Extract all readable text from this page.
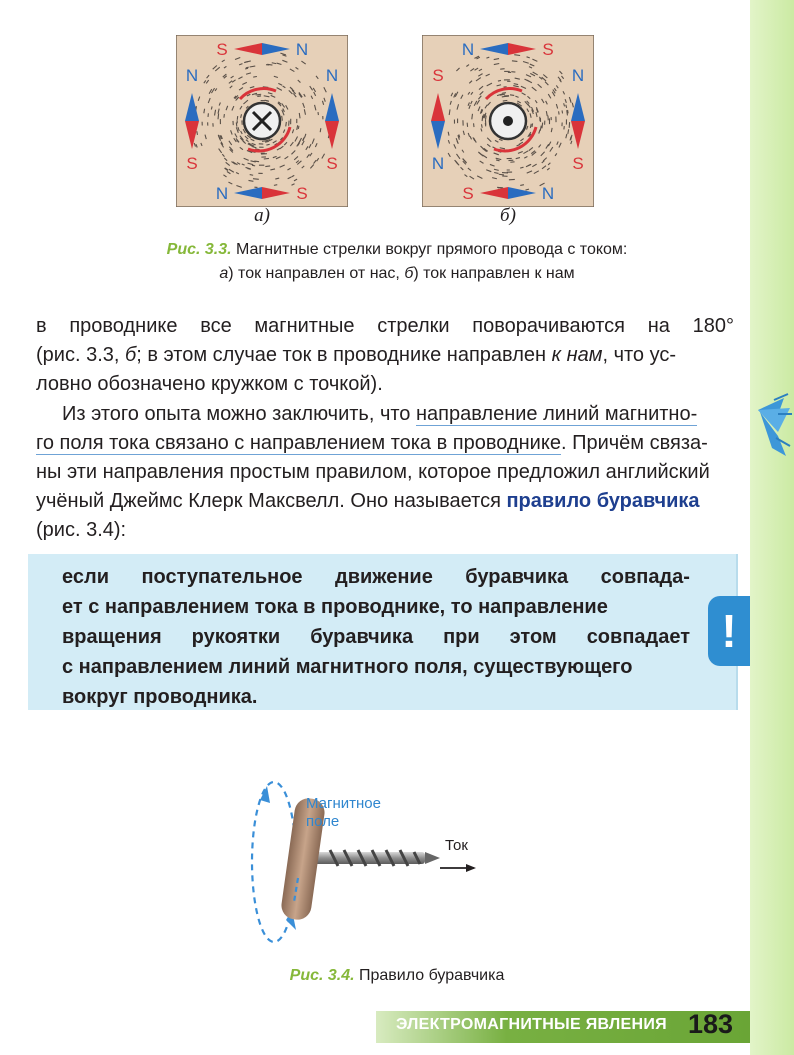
S	N
N	S
N
S
N
S
N	S
S	N
S
N
N
S
а)	б)
Рис. 3.3. Магнитные стрелки вокруг прямого провода с током:
а) ток направлен от нас, б) ток направлен к нам
в проводнике все магнитные стрелки поворачиваются на 180°
(рис. 3.3, б; в этом случае ток в проводнике направлен к нам, что ус-
ловно обозначено кружком с точкой).
Из этого опыта можно заключить, что направление линий магнитно-
го поля тока связано с направлением тока в проводнике. Причём связа-
ны эти направления простым правилом, которое предложил английский
учёный Джеймс Клерк Максвелл. Оно называется правило буравчика
(рис. 3.4):
если поступательное движение буравчика совпада-
ет с направлением тока в проводнике, то направление
вращения рукоятки буравчика при этом совпадает
с направлением линий магнитного поля, существующего
вокруг проводника.
!
Магнитное
поле
Ток
Рис. 3.4. Правило буравчика
ЭЛЕКТРОМАГНИТНЫЕ ЯВЛЕНИЯ 183
